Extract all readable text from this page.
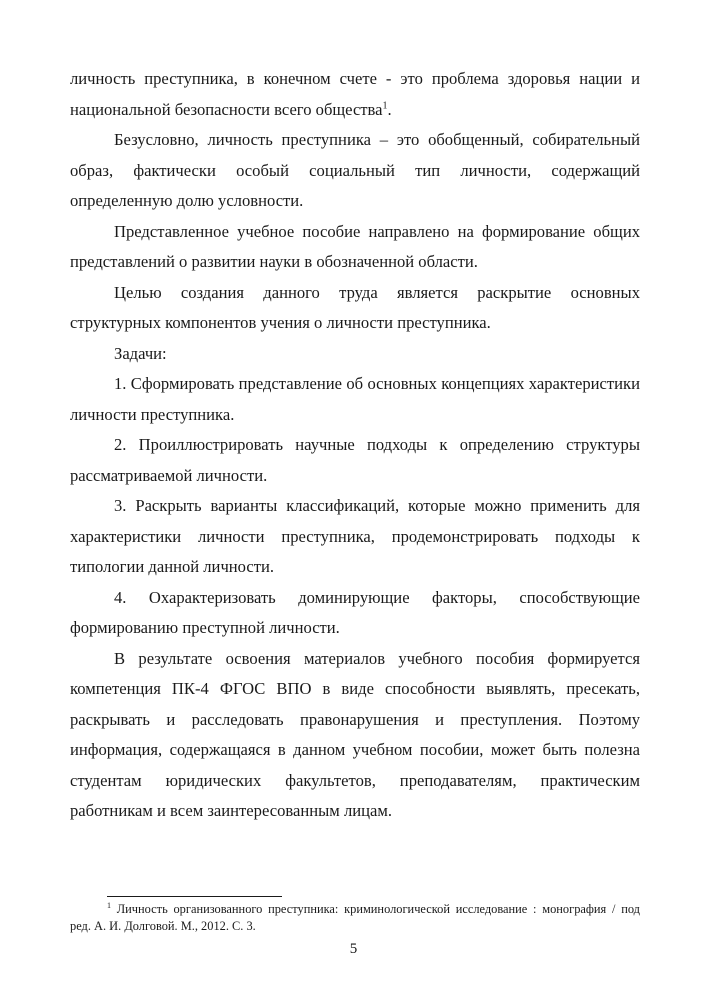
личность преступника, в конечном счете - это проблема здоровья нации и национальной безопасности всего общества$^1$.

Безусловно, личность преступника – это обобщенный, собирательный образ, фактически особый социальный тип личности, содержащий определенную долю условности.

Представленное учебное пособие направлено на формирование общих представлений о развитии науки в обозначенной области.

Целью создания данного труда является раскрытие основных структурных компонентов учения о личности преступника.

Задачи:

1. Сформировать представление об основных концепциях характеристики личности преступника.

2. Проиллюстрировать научные подходы к определению структуры рассматриваемой личности.

3. Раскрыть варианты классификаций, которые можно применить для характеристики личности преступника, продемонстрировать подходы к типологии данной личности.

4. Охарактеризовать доминирующие факторы, способствующие формированию преступной личности.

В результате освоения материалов учебного пособия формируется компетенция ПК-4 ФГОС ВПО в виде способности выявлять, пресекать, раскрывать и расследовать правонарушения и преступления. Поэтому информация, содержащаяся в данном учебном пособии, может быть полезна студентам юридических факультетов, преподавателям, практическим работникам и всем заинтересованным лицам.

$^1$ Личность организованного преступника: криминологической исследование : монография / под ред. А. И. Долговой. М., 2012. С. 3.
5
